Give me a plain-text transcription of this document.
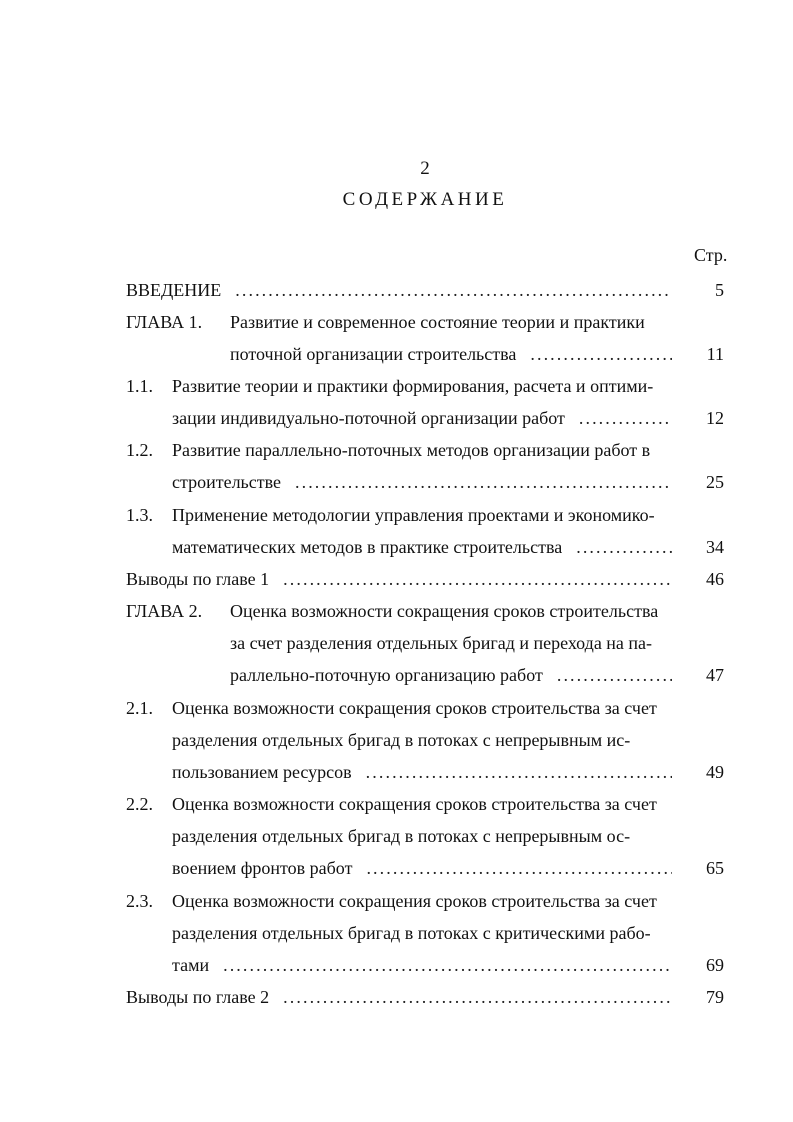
2
СОДЕРЖАНИЕ
Стр.
ВВЕДЕНИЕ . . .	5
ГЛАВА 1. Развитие и современное состояние теории и практики
поточной организации строительства . . .	11
1.1. Развитие теории и практики формирования, расчета и оптими-
зации индивидуально-поточной организации работ . . .	12
1.2. Развитие параллельно-поточных методов организации работ в
строительстве . . .	25
1.3. Применение методологии управления проектами и экономико-
математических методов в практике строительства . . .	34
Выводы по главе 1 . . .	46
ГЛАВА 2. Оценка возможности сокращения сроков строительства
за счет разделения отдельных бригад и перехода на па-
раллельно-поточную организацию работ . . .	47
2.1. Оценка возможности сокращения сроков строительства за счет
разделения отдельных бригад в потоках с непрерывным ис-
пользованием ресурсов . . .	49
2.2. Оценка возможности сокращения сроков строительства за счет
разделения отдельных бригад в потоках с непрерывным ос-
воением фронтов работ . . .	65
2.3. Оценка возможности сокращения сроков строительства за счет
разделения отдельных бригад в потоках с критическими рабо-
тами . . .	69
Выводы по главе 2 . . .	79
